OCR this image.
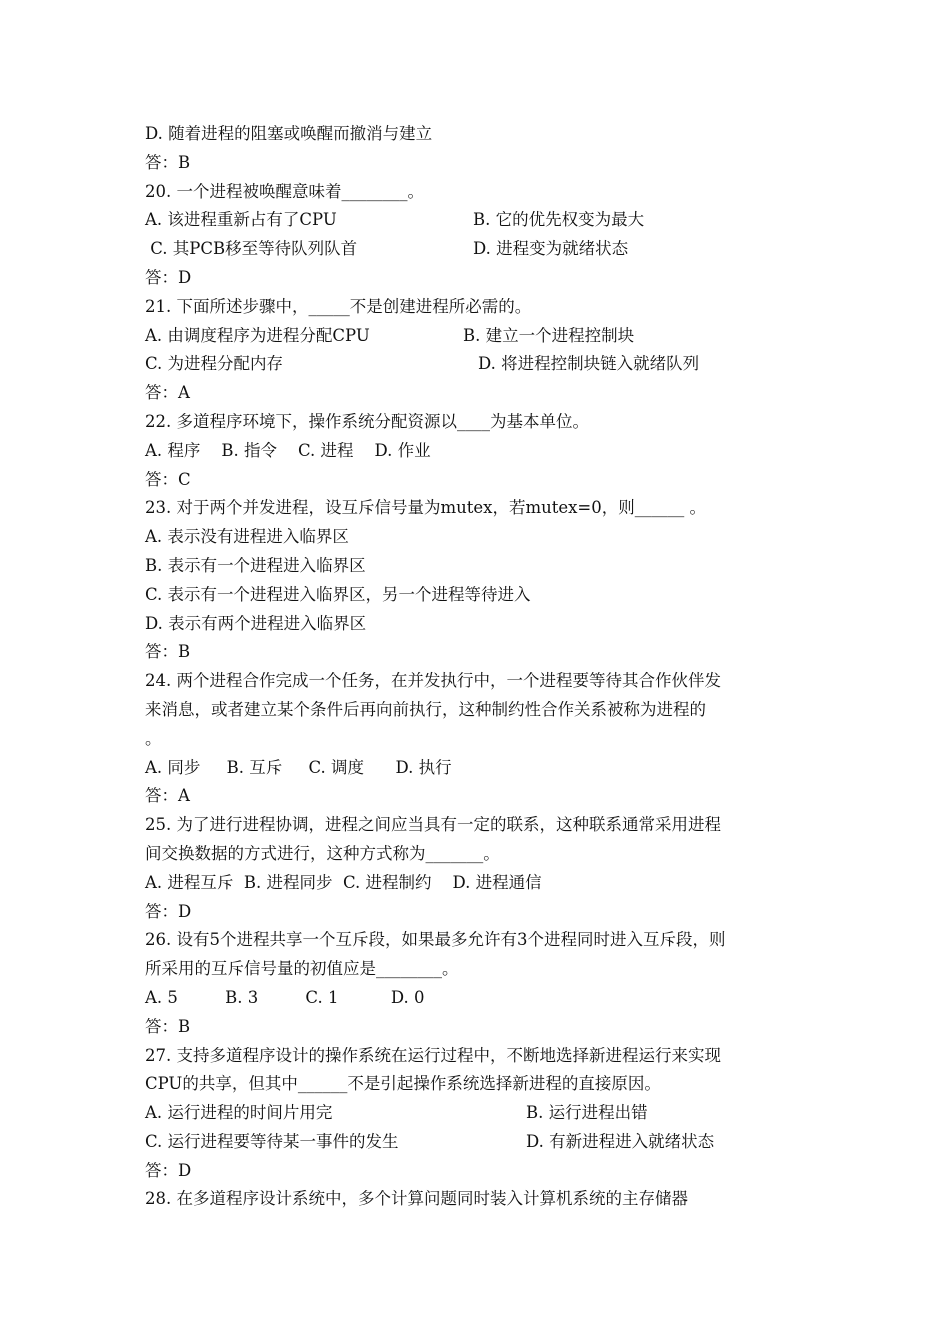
D. 随着进程的阻塞或唤醒而撤消与建立
答：B
20. 一个进程被唤醒意味着________。
A. 该进程重新占有了CPU	B. 它的优先权变为最大
C. 其PCB移至等待队列队首	D. 进程变为就绪状态
答：D
21. 下面所述步骤中，_____不是创建进程所必需的。
A. 由调度程序为进程分配CPU	B. 建立一个进程控制块
C. 为进程分配内存	D. 将进程控制块链入就绪队列
答：A
22. 多道程序环境下，操作系统分配资源以____为基本单位。
A. 程序    B. 指令    C. 进程    D. 作业
答：C
23. 对于两个并发进程，设互斥信号量为mutex，若mutex=0，则______ 。
A. 表示没有进程进入临界区
B. 表示有一个进程进入临界区
C. 表示有一个进程进入临界区，另一个进程等待进入
D. 表示有两个进程进入临界区
答：B
24. 两个进程合作完成一个任务，在并发执行中，一个进程要等待其合作伙伴发
来消息，或者建立某个条件后再向前执行，这种制约性合作关系被称为进程的
。
A. 同步     B. 互斥     C. 调度      D. 执行
答：A
25. 为了进行进程协调，进程之间应当具有一定的联系，这种联系通常采用进程
间交换数据的方式进行，这种方式称为_______。
A. 进程互斥  B. 进程同步  C. 进程制约    D. 进程通信
答：D
26. 设有5个进程共享一个互斥段，如果最多允许有3个进程同时进入互斥段，则
所采用的互斥信号量的初值应是________。
A. 5         B. 3         C. 1          D. 0
答：B
27. 支持多道程序设计的操作系统在运行过程中，不断地选择新进程运行来实现
CPU的共享，但其中______不是引起操作系统选择新进程的直接原因。
A. 运行进程的时间片用完	B. 运行进程出错
C. 运行进程要等待某一事件的发生	D. 有新进程进入就绪状态
答：D
28. 在多道程序设计系统中，多个计算问题同时装入计算机系统的主存储器
